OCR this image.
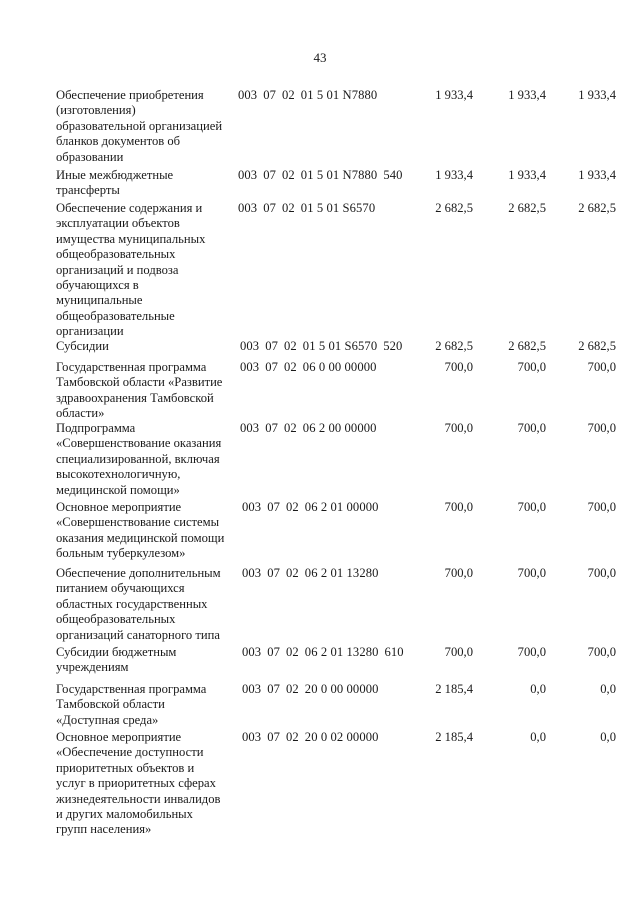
43
Обеспечение приобретения
(изготовления)
образовательной организацией
бланков документов об
образовании
003 07 02 01 5 01 N7880	1 933,4	1 933,4	1 933,4
Иные межбюджетные
трансферты
003 07 02 01 5 01 N7880 540	1 933,4	1 933,4	1 933,4
Обеспечение содержания и
эксплуатации объектов
имущества муниципальных
общеобразовательных
организаций и подвоза
обучающихся в
муниципальные
общеобразовательные
организации
003 07 02 01 5 01 S6570	2 682,5	2 682,5	2 682,5
Субсидии	003 07 02 01 5 01 S6570 520	2 682,5	2 682,5	2 682,5
Государственная программа
Тамбовской области «Развитие
здравоохранения Тамбовской
области»
003 07 02 06 0 00 00000	700,0	700,0	700,0
Подпрограмма
«Совершенствование оказания
специализированной, включая
высокотехнологичную,
медицинской помощи»
003 07 02 06 2 00 00000	700,0	700,0	700,0
Основное мероприятие
«Совершенствование системы
оказания медицинской помощи
больным туберкулезом»
003 07 02 06 2 01 00000	700,0	700,0	700,0
Обеспечение дополнительным
питанием обучающихся
областных государственных
общеобразовательных
организаций санаторного типа
003 07 02 06 2 01 13280	700,0	700,0	700,0
Субсидии бюджетным
учреждениям
003 07 02 06 2 01 13280 610	700,0	700,0	700,0
Государственная программа
Тамбовской области
«Доступная среда»
003 07 02 20 0 00 00000	2 185,4	0,0	0,0
Основное мероприятие
«Обеспечение доступности
приоритетных объектов и
услуг в приоритетных сферах
жизнедеятельности инвалидов
и других маломобильных
групп населения»
003 07 02 20 0 02 00000	2 185,4	0,0	0,0
